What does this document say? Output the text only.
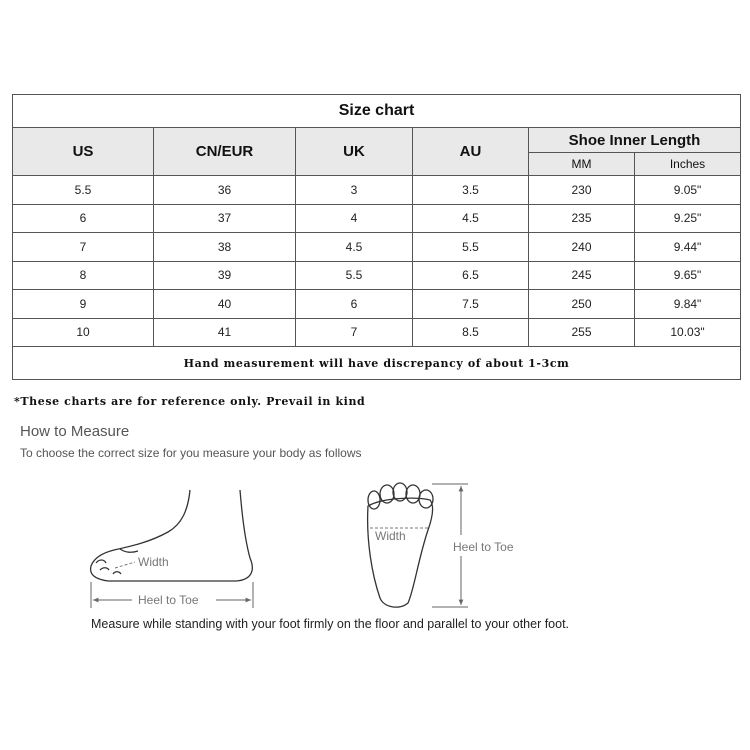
Size chart					
US	CN/EUR	UK	AU	Shoe Inner Length	
				MM	Inches
5.5	36	3	3.5	230	9.05"
6	37	4	4.5	235	9.25"
7	38	4.5	5.5	240	9.44"
8	39	5.5	6.5	245	9.65"
9	40	6	7.5	250	9.84"
10	41	7	8.5	255	10.03"
Hand measurement will have discrepancy of about 1-3cm					
*These charts are for reference only. Prevail in kind
How to Measure
To choose the correct size for you measure your body as follows
Width
Heel to Toe
Width
Heel to Toe
Measure while standing with your foot firmly on the floor and parallel to your other foot.
